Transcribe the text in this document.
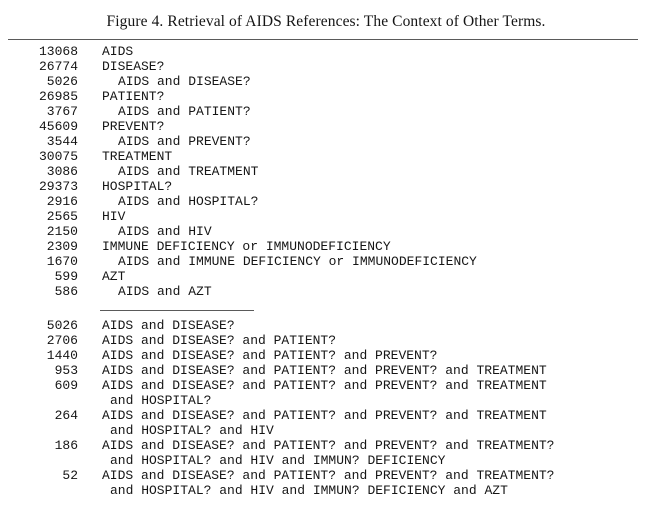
Figure 4. Retrieval of AIDS References: The Context of Other Terms.
13068 AIDS
26774 DISEASE?
5026	AIDS and DISEASE?
26985 PATIENT?
3767	AIDS and PATIENT?
45609 PREVENT?
3544	AIDS and PREVENT?
30075 TREATMENT
3086	AIDS and TREATMENT
29373 HOSPITAL?
2916	AIDS and HOSPITAL?
2565 HIV
2150	AIDS and HIV
2309 IMMUNE DEFICIENCY or IMMUNODEFICIENCY
1670	AIDS and IMMUNE DEFICIENCY or IMMUNODEFICIENCY
599 AZT
586	AIDS and AZT
5026 AIDS and DISEASE?
2706 AIDS and DISEASE? and PATIENT?
1440 AIDS and DISEASE? and PATIENT? and PREVENT?
953 AIDS and DISEASE? and PATIENT? and PREVENT? and TREATMENT
609 AIDS and DISEASE? and PATIENT? and PREVENT? and TREATMENT
and HOSPITAL?
264 AIDS and DISEASE? and PATIENT? and PREVENT? and TREATMENT
and HOSPITAL? and HIV
186 AIDS and DISEASE? and PATIENT? and PREVENT? and TREATMENT?
and HOSPITAL? and HIV and IMMUN? DEFICIENCY
52 AIDS and DISEASE? and PATIENT? and PREVENT? and TREATMENT?
and HOSPITAL? and HIV and IMMUN? DEFICIENCY and AZT
